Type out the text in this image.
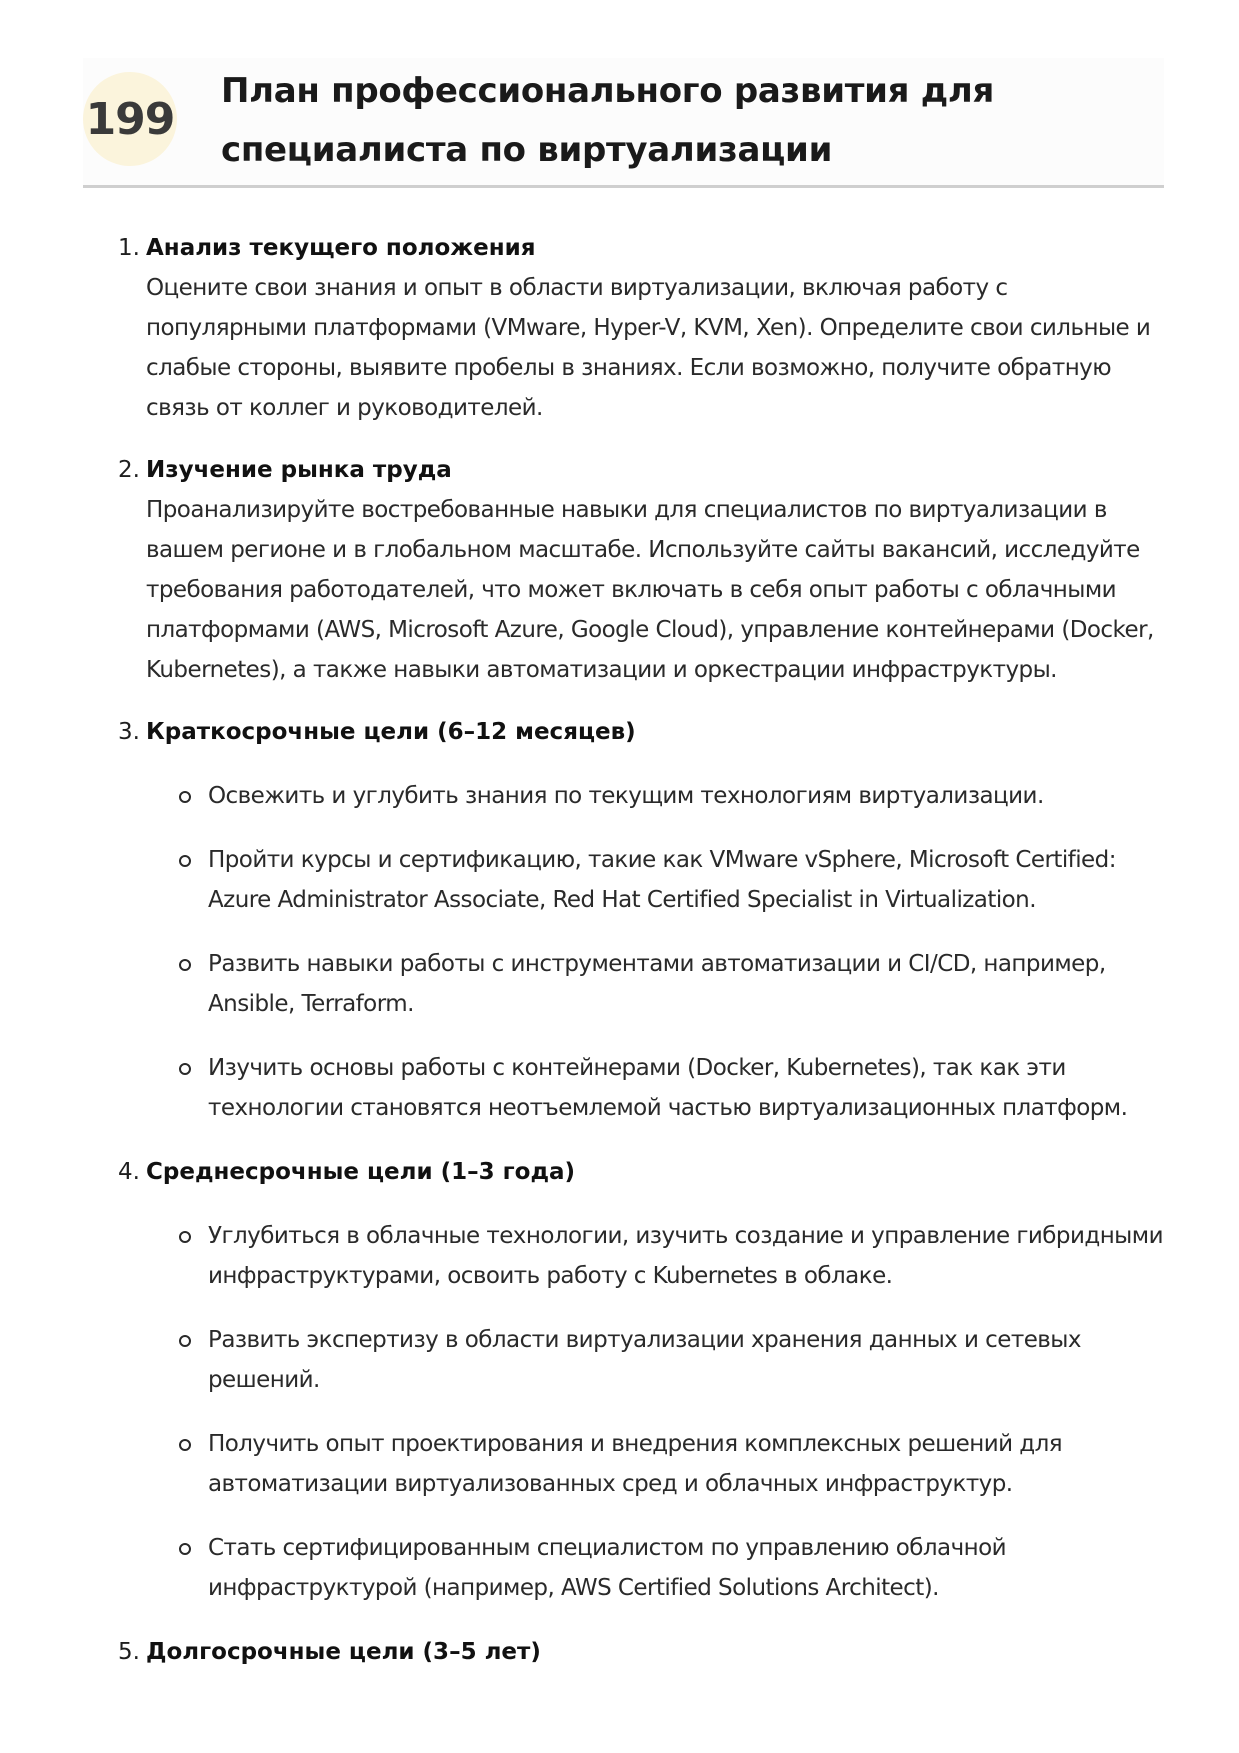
199
План профессионального развития для специалиста по виртуализации
1. Анализ текущего положения

Оцените свои знания и опыт в области виртуализации, включая работу с популярными платформами (VMware, Hyper-V, KVM, Xen). Определите свои сильные и слабые стороны, выявите пробелы в знаниях. Если возможно, получите обратную связь от коллег и руководителей.

2. Изучение рынка труда

Проанализируйте востребованные навыки для специалистов по виртуализации в вашем регионе и в глобальном масштабе. Используйте сайты вакансий, исследуйте требования работодателей, что может включать в себя опыт работы с облачными платформами (AWS, Microsoft Azure, Google Cloud), управление контейнерами (Docker, Kubernetes), а также навыки автоматизации и оркестрации инфраструктуры.

3. Краткосрочные цели (6–12 месяцев)
Освежить и углубить знания по текущим технологиям виртуализации.
Пройти курсы и сертификацию, такие как VMware vSphere, Microsoft Certified: Azure Administrator Associate, Red Hat Certified Specialist in Virtualization.
Развить навыки работы с инструментами автоматизации и CI/CD, например, Ansible, Terraform.
Изучить основы работы с контейнерами (Docker, Kubernetes), так как эти технологии становятся неотъемлемой частью виртуализационных платформ.
4. Среднесрочные цели (1–3 года)
Углубиться в облачные технологии, изучить создание и управление гибридными инфраструктурами, освоить работу с Kubernetes в облаке.
Развить экспертизу в области виртуализации хранения данных и сетевых решений.
Получить опыт проектирования и внедрения комплексных решений для автоматизации виртуализованных сред и облачных инфраструктур.
Стать сертифицированным специалистом по управлению облачной инфраструктурой (например, AWS Certified Solutions Architect).
5. Долгосрочные цели (3–5 лет)
